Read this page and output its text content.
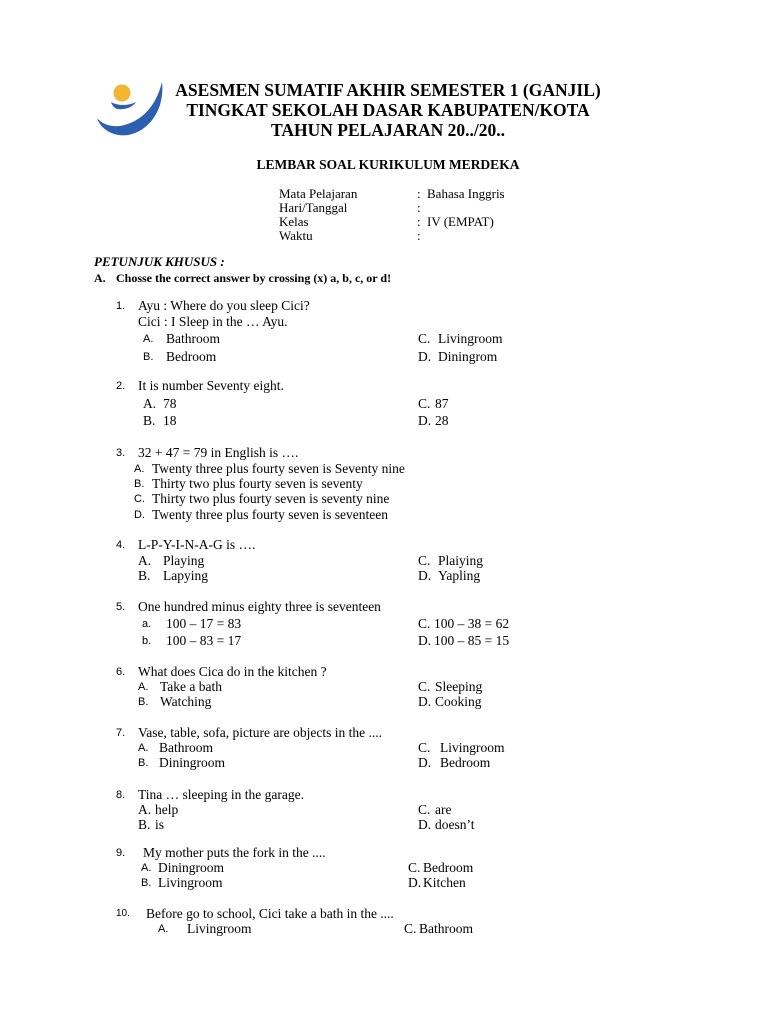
ASESMEN SUMATIF AKHIR SEMESTER 1 (GANJIL)
TINGKAT SEKOLAH DASAR KABUPATEN/KOTA
TAHUN PELAJARAN 20../20..
LEMBAR SOAL KURIKULUM MERDEKA
Mata Pelajaran	: Bahasa Inggris
Hari/Tanggal	:
Kelas	: IV (EMPAT)
Waktu	:
PETUNJUK KHUSUS :
A. Chosse the correct answer by crossing (x) a, b, c, or d!
1. Ayu : Where do you sleep Cici?
Cici : I Sleep in the … Ayu.
A. Bathroom	C. Livingroom
B. Bedroom	D. Diningrom
2. It is number Seventy eight.
A. 78	C. 87
B. 18	D. 28
3. 32 + 47 = 79 in English is ….
A. Twenty three plus fourty seven is Seventy nine
B. Thirty two plus fourty seven is seventy
C. Thirty two plus fourty seven is seventy nine
D. Twenty three plus fourty seven is seventeen
4. L-P-Y-I-N-A-G is ….
A. Playing	C. Plaiying
B. Lapying	D. Yapling
5. One hundred minus eighty three is seventeen
a. 100 – 17 = 83	C. 100 – 38 = 62
b. 100 – 83 = 17	D. 100 – 85 = 15
6. What does Cica do in the kitchen ?
A. Take a bath	C. Sleeping
B. Watching	D. Cooking
7. Vase, table, sofa, picture are objects in the ....
A. Bathroom	C. Livingroom
B. Diningroom	D. Bedroom
8. Tina … sleeping in the garage.
A. help	C. are
B. is	D. doesn’t
9. My mother puts the fork in the ....
A. Diningroom	C. Bedroom
B. Livingroom	D. Kitchen
10. Before go to school, Cici take a bath in the ....
A. Livingroom	C. Bathroom
